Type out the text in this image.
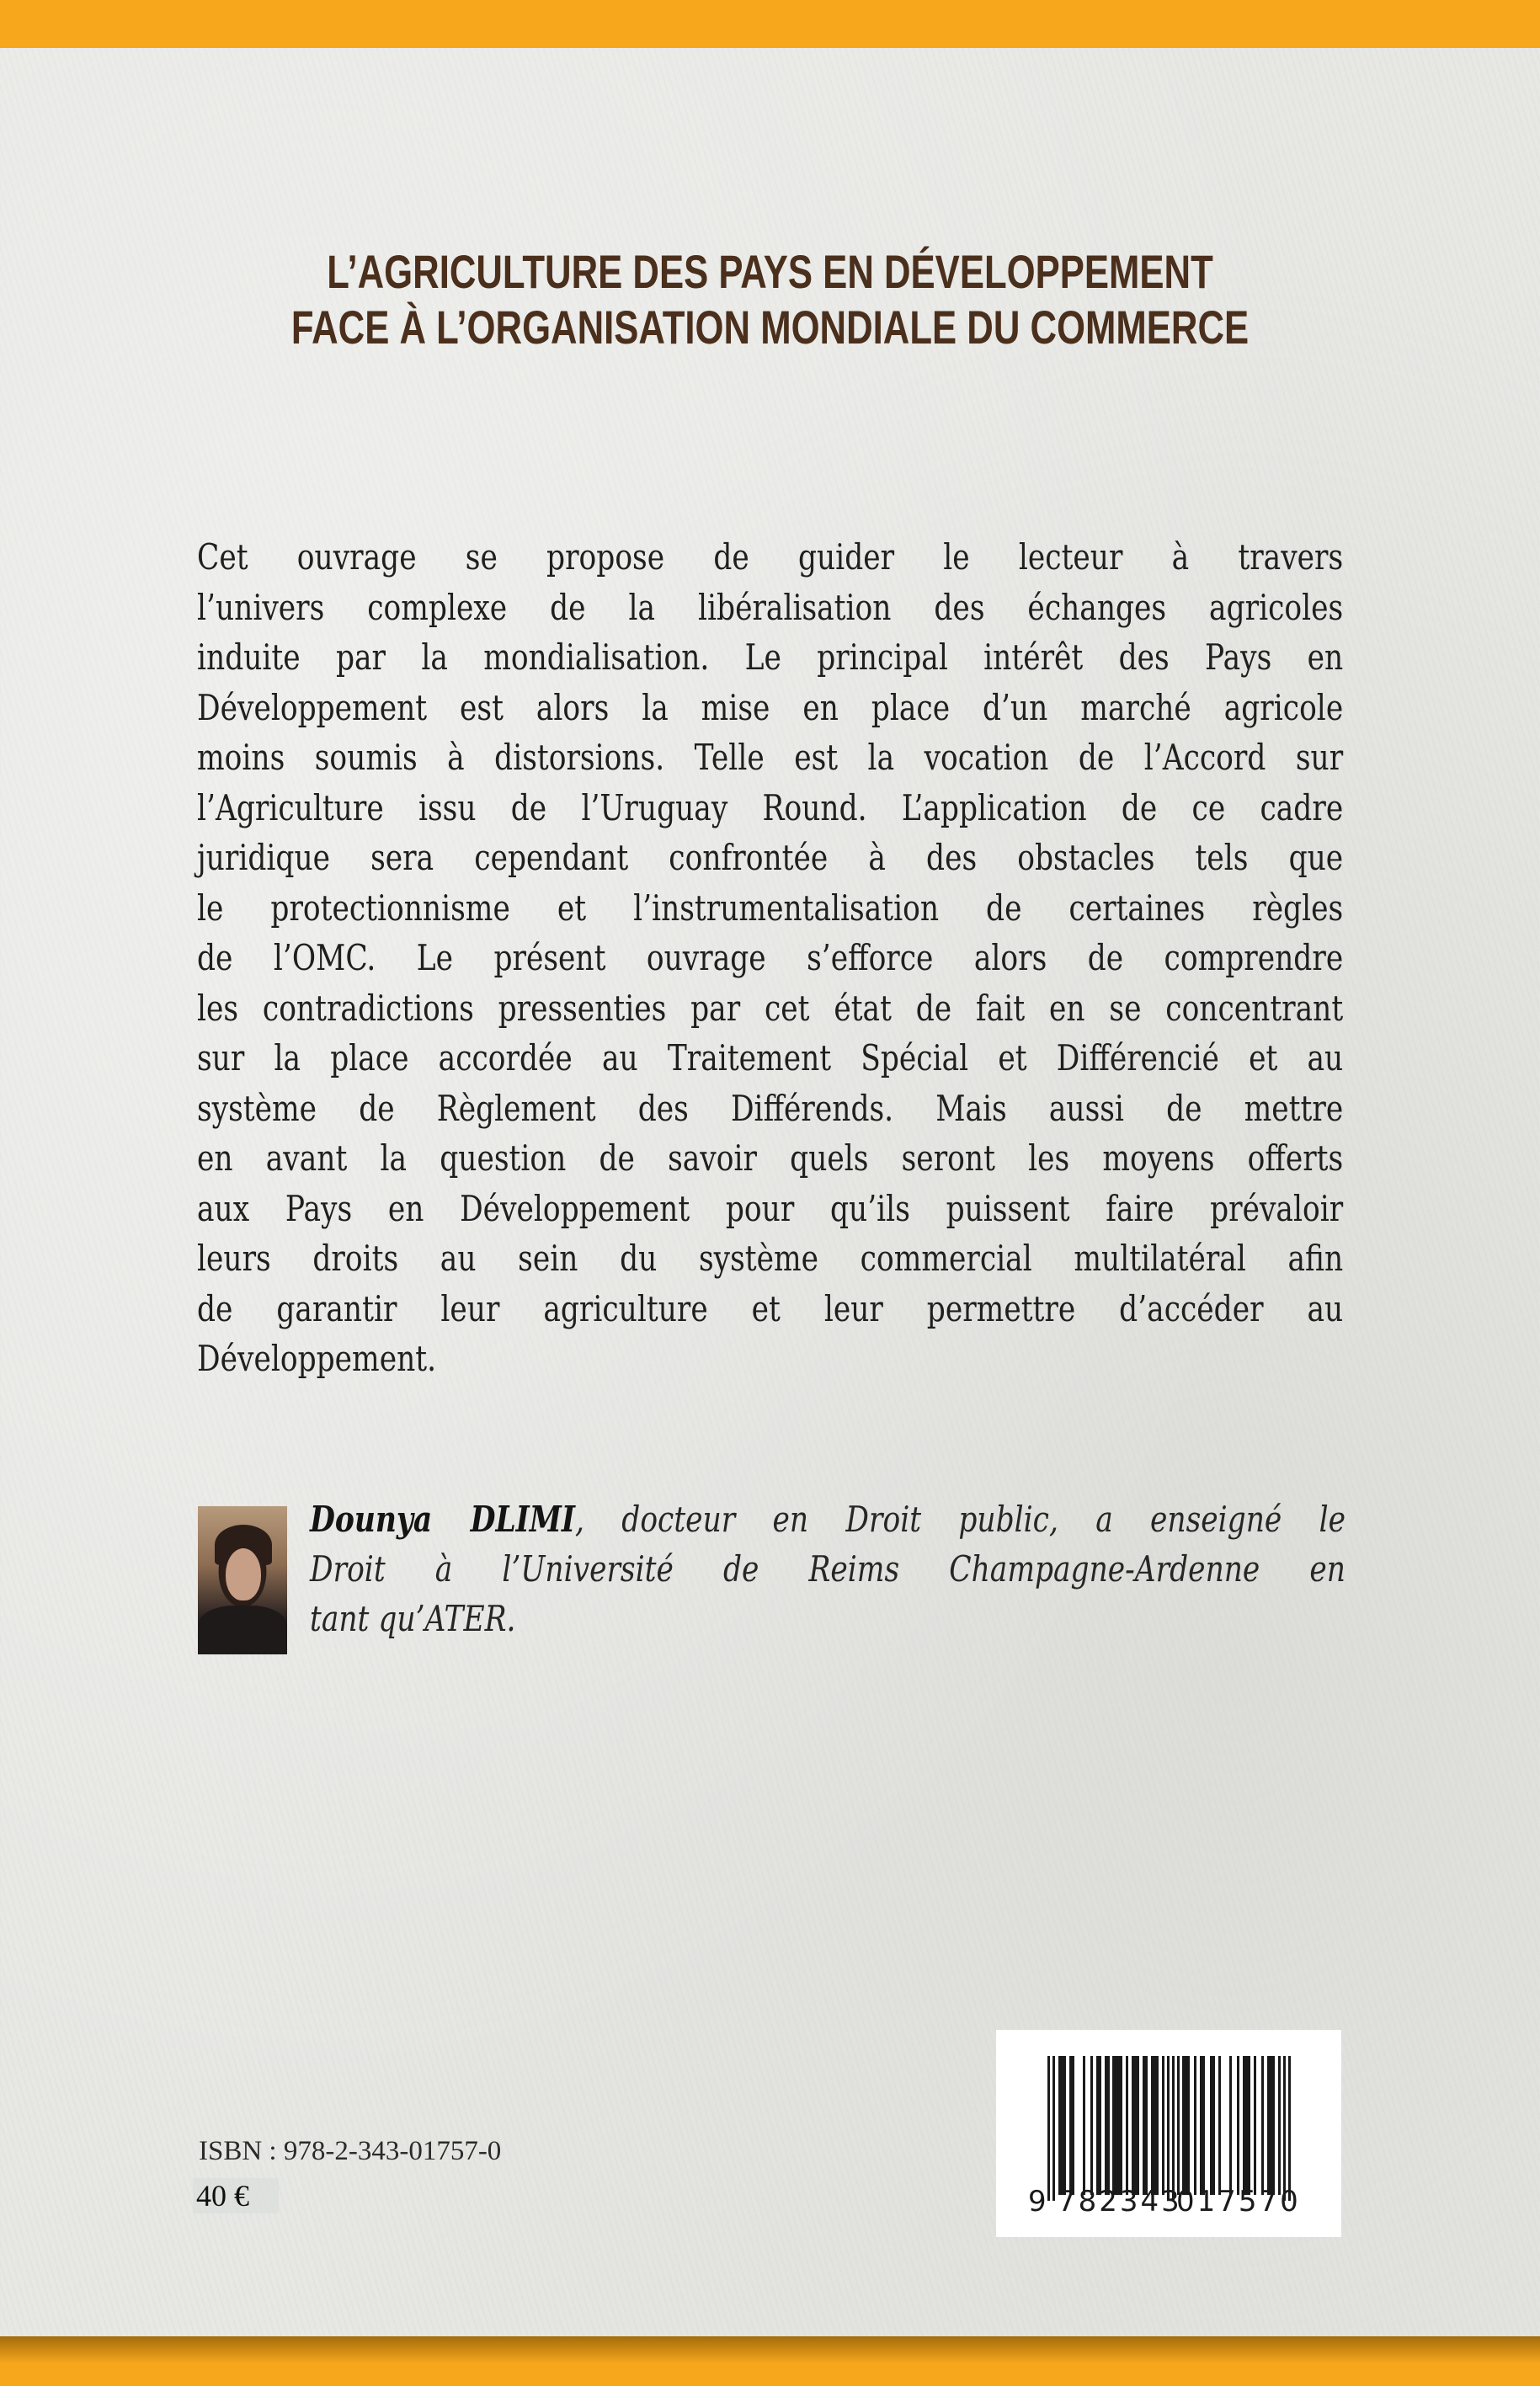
L’AGRICULTURE DES PAYS EN DÉVELOPPEMENT
FACE À L’ORGANISATION MONDIALE DU COMMERCE
Cet ouvrage se propose de guider le lecteur à travers
l’univers complexe de la libéralisation des échanges agricoles
induite par la mondialisation. Le principal intérêt des Pays en
Développement est alors la mise en place d’un marché agricole
moins soumis à distorsions. Telle est la vocation de l’Accord sur
l’Agriculture issu de l’Uruguay Round. L’application de ce cadre
juridique sera cependant confrontée à des obstacles tels que
le protectionnisme et l’instrumentalisation de certaines règles
de l’OMC. Le présent ouvrage s’efforce alors de comprendre
les contradictions pressenties par cet état de fait en se concentrant
sur la place accordée au Traitement Spécial et Différencié et au
système de Règlement des Différends. Mais aussi de mettre
en avant la question de savoir quels seront les moyens offerts
aux Pays en Développement pour qu’ils puissent faire prévaloir
leurs droits au sein du système commercial multilatéral afin
de garantir leur agriculture et leur permettre d’accéder au
Développement.
Dounya DLIMI, docteur en Droit public, a enseigné le
Droit à l’Université de Reims Champagne-Ardenne en
tant qu’ATER.
ISBN : 978-2-343-01757-0
40 €	9 782343
017570
